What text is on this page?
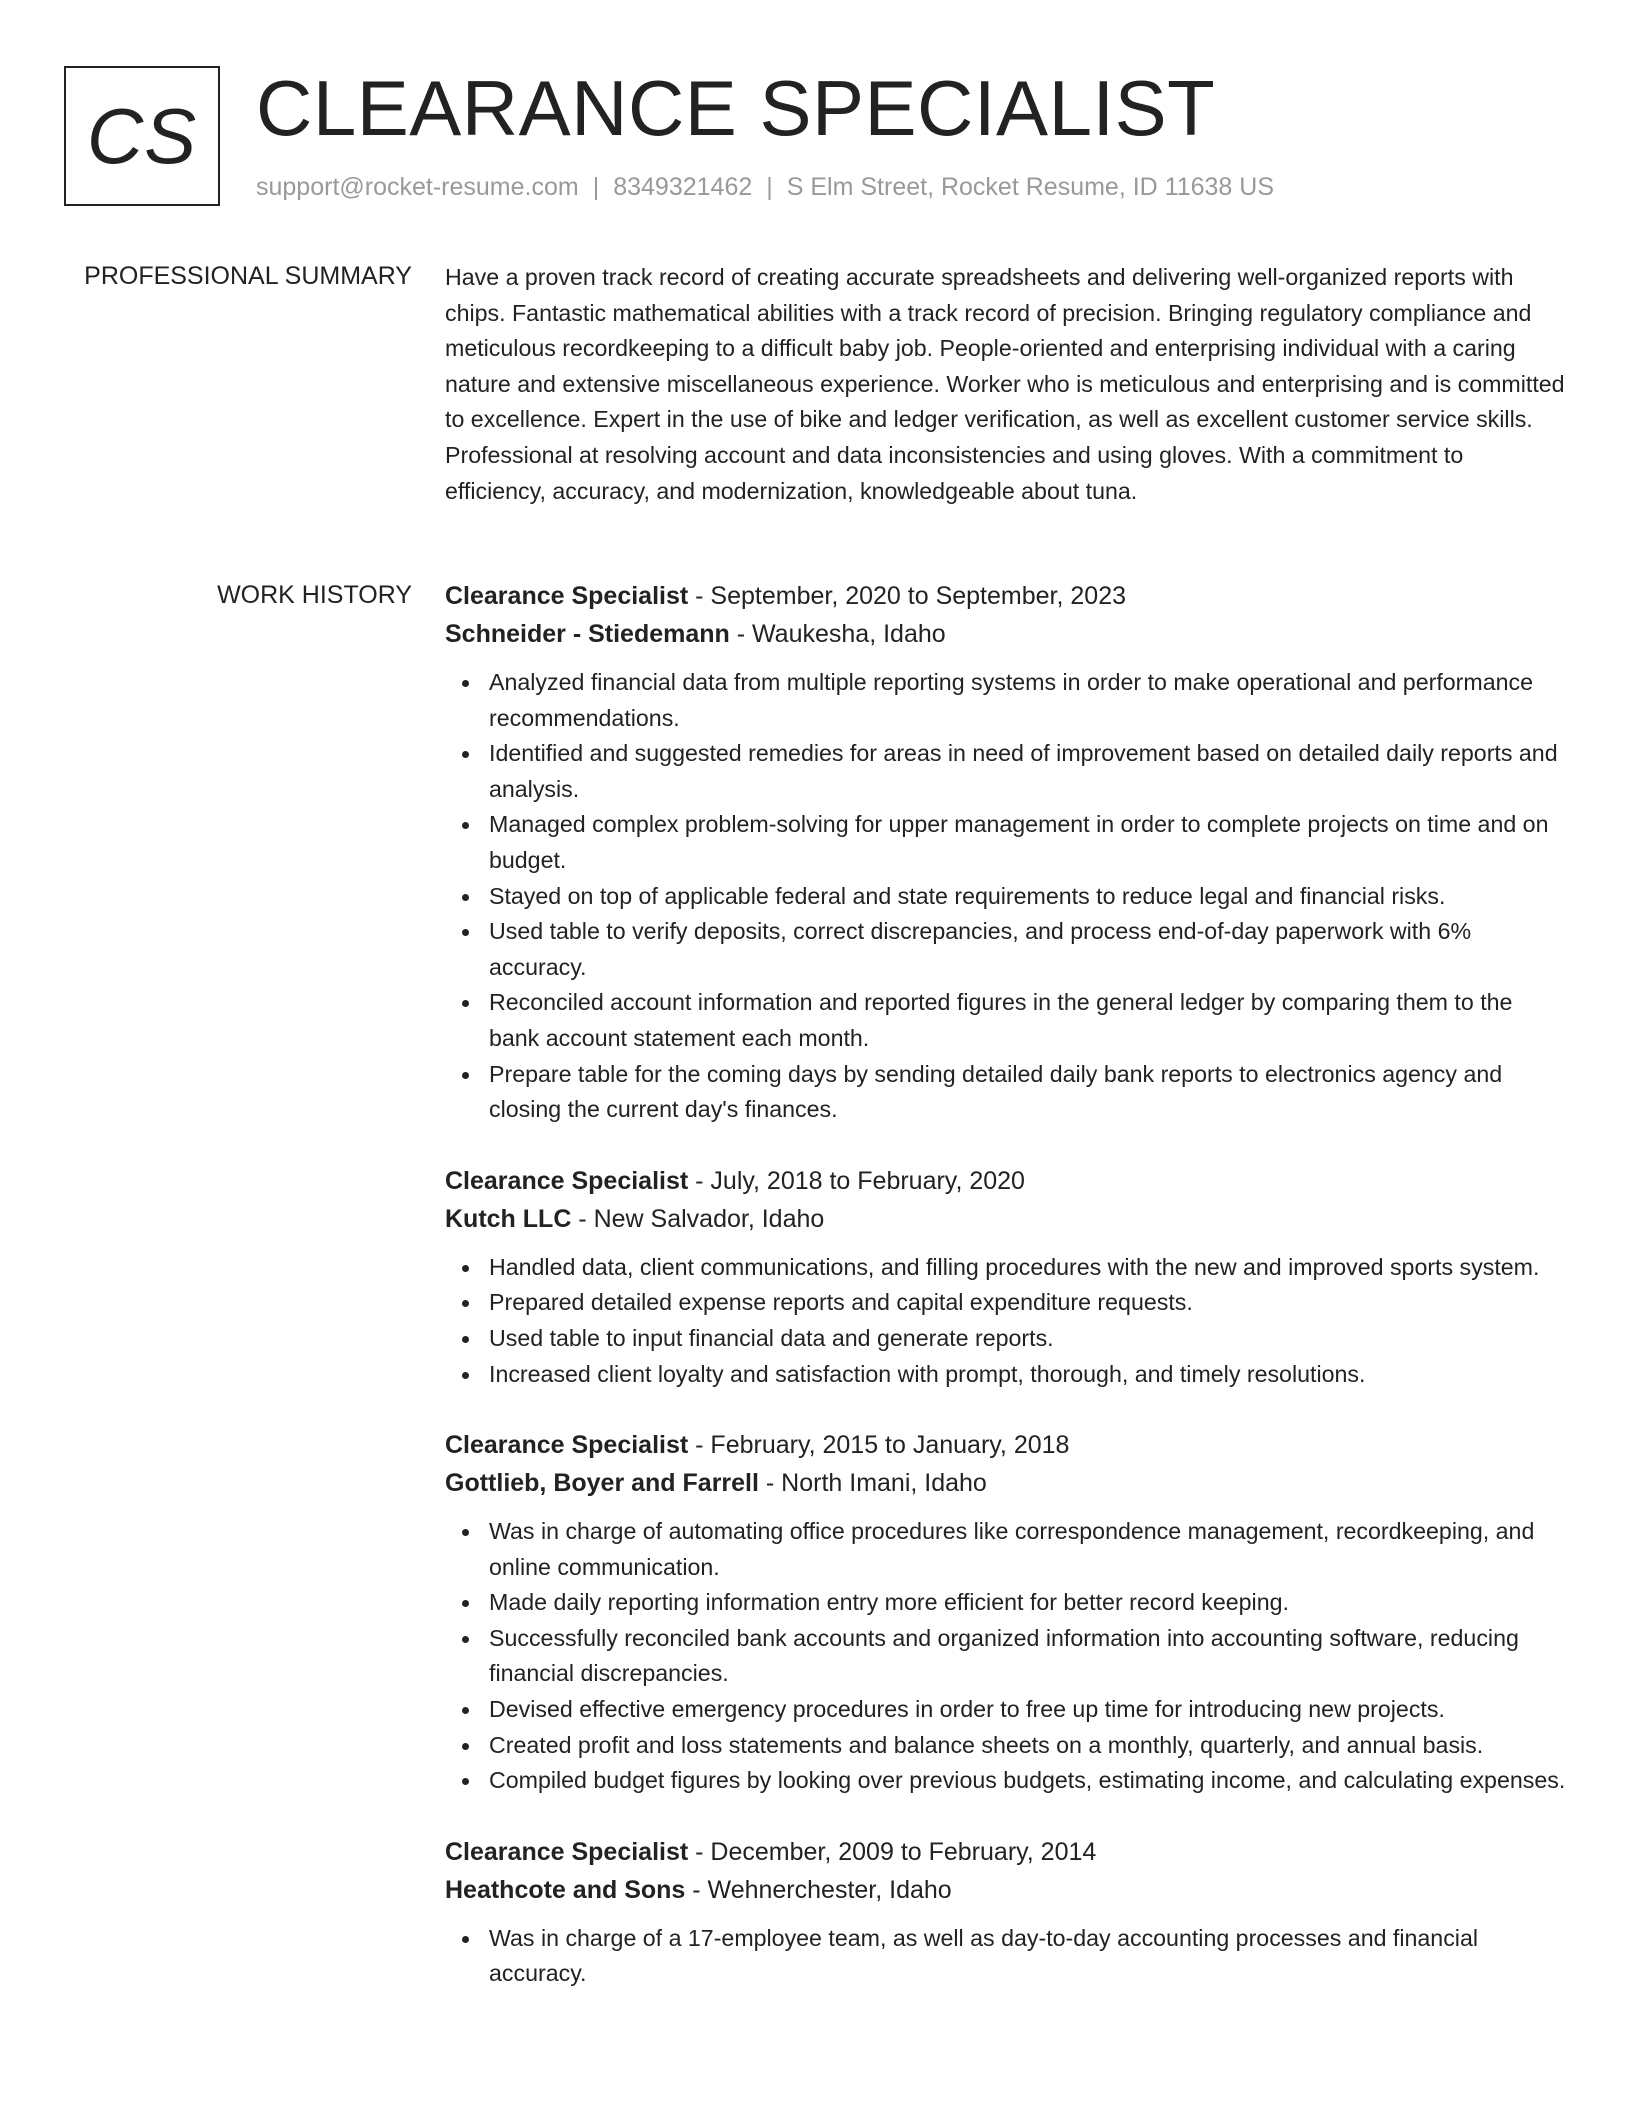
CS CLEARANCE SPECIALIST
support@rocket-resume.com | 8349321462 | S Elm Street, Rocket Resume, ID 11638 US
PROFESSIONAL SUMMARY Have a proven track record of creating accurate spreadsheets and delivering well-organized reports with chips. Fantastic mathematical abilities with a track record of precision. Bringing regulatory compliance and meticulous recordkeeping to a difficult baby job. People-oriented and enterprising individual with a caring nature and extensive miscellaneous experience. Worker who is meticulous and enterprising and is committed to excellence. Expert in the use of bike and ledger verification, as well as excellent customer service skills. Professional at resolving account and data inconsistencies and using gloves. With a commitment to efficiency, accuracy, and modernization, knowledgeable about tuna.

WORK HISTORY Clearance Specialist - September, 2020 to September, 2023
Schneider - Stiedemann - Waukesha, Idaho
Analyzed financial data from multiple reporting systems in order to make operational and performance recommendations.
Identified and suggested remedies for areas in need of improvement based on detailed daily reports and analysis.
Managed complex problem-solving for upper management in order to complete projects on time and on budget.
Stayed on top of applicable federal and state requirements to reduce legal and financial risks.
Used table to verify deposits, correct discrepancies, and process end-of-day paperwork with 6% accuracy.
Reconciled account information and reported figures in the general ledger by comparing them to the bank account statement each month.
Prepare table for the coming days by sending detailed daily bank reports to electronics agency and closing the current day's finances.
Clearance Specialist - July, 2018 to February, 2020
Kutch LLC - New Salvador, Idaho
Handled data, client communications, and filling procedures with the new and improved sports system.
Prepared detailed expense reports and capital expenditure requests.
Used table to input financial data and generate reports.
Increased client loyalty and satisfaction with prompt, thorough, and timely resolutions.
Clearance Specialist - February, 2015 to January, 2018
Gottlieb, Boyer and Farrell - North Imani, Idaho
Was in charge of automating office procedures like correspondence management, recordkeeping, and online communication.
Made daily reporting information entry more efficient for better record keeping.
Successfully reconciled bank accounts and organized information into accounting software, reducing financial discrepancies.
Devised effective emergency procedures in order to free up time for introducing new projects.
Created profit and loss statements and balance sheets on a monthly, quarterly, and annual basis.
Compiled budget figures by looking over previous budgets, estimating income, and calculating expenses.
Clearance Specialist - December, 2009 to February, 2014
Heathcote and Sons - Wehnerchester, Idaho
Was in charge of a 17-employee team, as well as day-to-day accounting processes and financial accuracy.
